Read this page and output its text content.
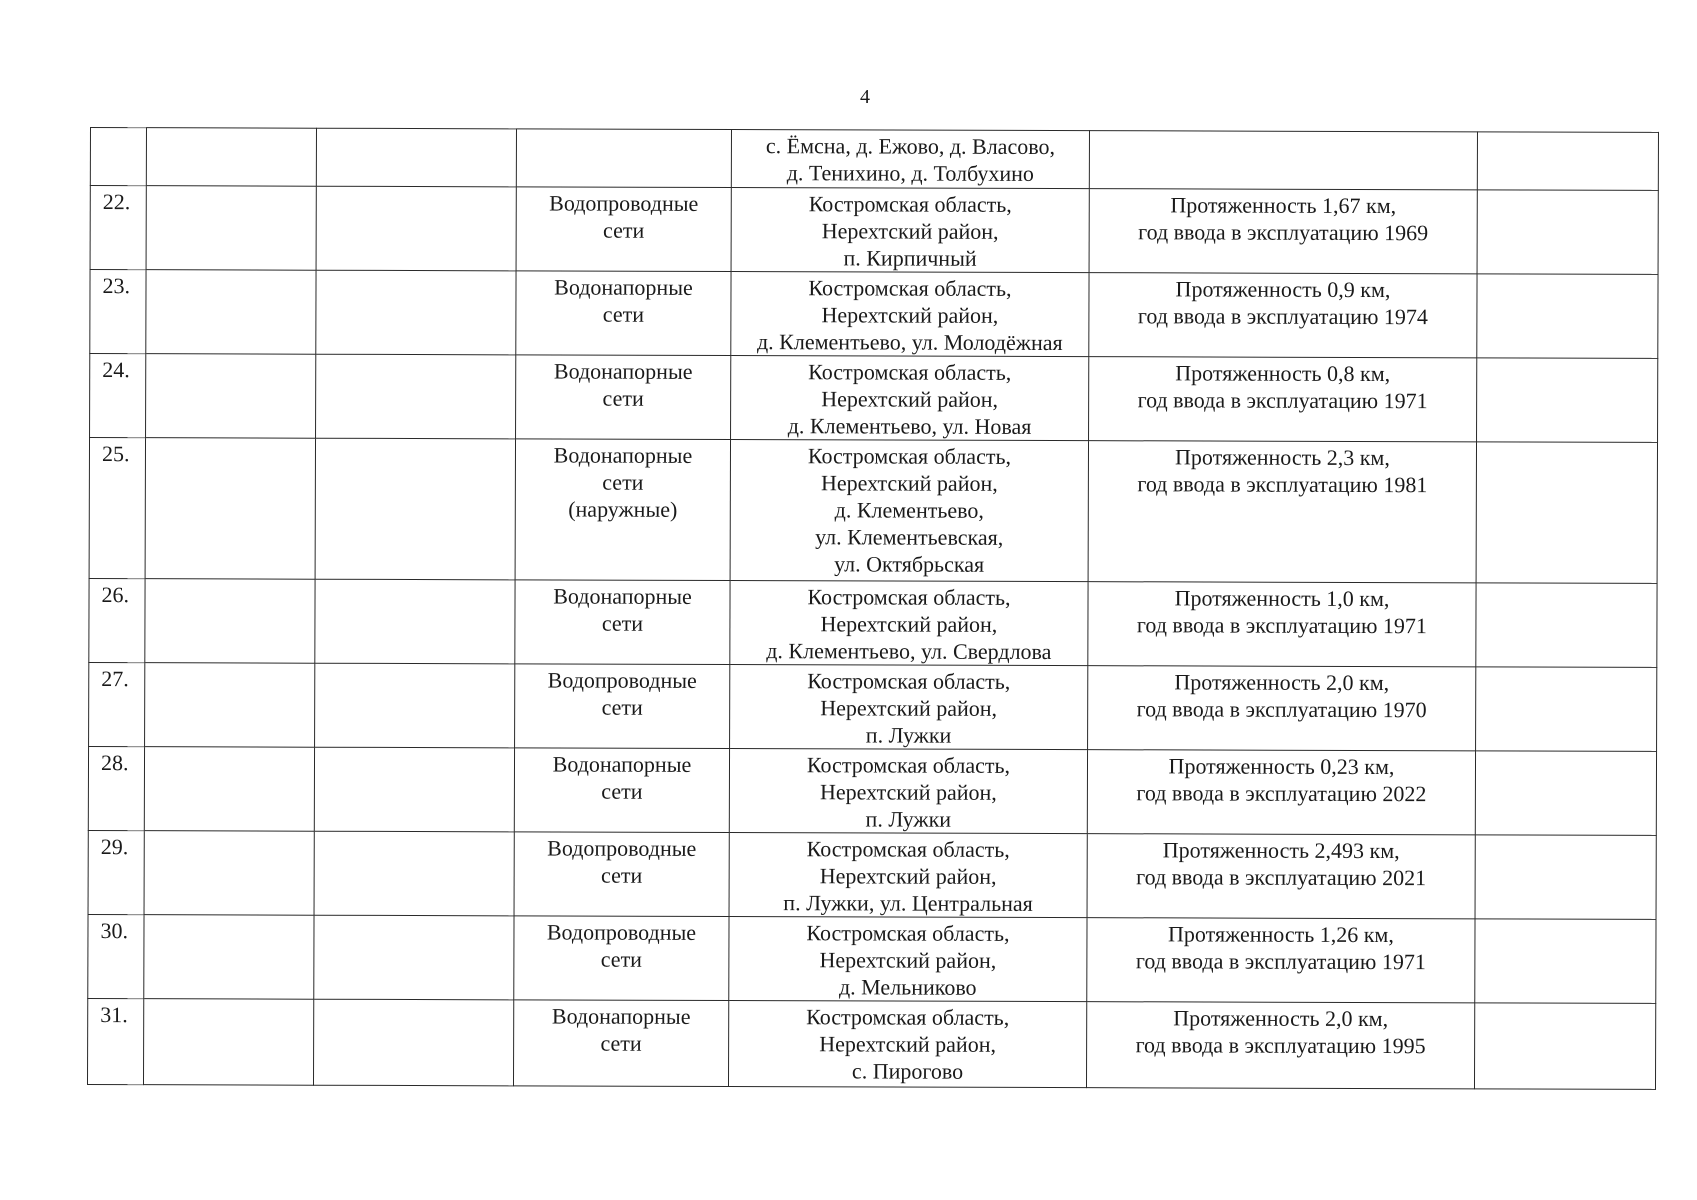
4
				с. Ёмсна, д. Ежово, д. Власово,
д. Тенихино, д. Толбухино		
22.			Водопроводные
сети	Костромская область,
Нерехтский район,
п. Кирпичный	Протяженность 1,67 км,
год ввода в эксплуатацию 1969	
23.			Водонапорные
сети	Костромская область,
Нерехтский район,
д. Клементьево, ул. Молодёжная	Протяженность 0,9 км,
год ввода в эксплуатацию 1974	
24.			Водонапорные
сети	Костромская область,
Нерехтский район,
д. Клементьево, ул. Новая	Протяженность 0,8 км,
год ввода в эксплуатацию 1971	
25.			Водонапорные
сети
(наружные)	Костромская область,
Нерехтский район,
д. Клементьево,
ул. Клементьевская,
ул. Октябрьская	Протяженность 2,3 км,
год ввода в эксплуатацию 1981	
26.			Водонапорные
сети	Костромская область,
Нерехтский район,
д. Клементьево, ул. Свердлова	Протяженность 1,0 км,
год ввода в эксплуатацию 1971	
27.			Водопроводные
сети	Костромская область,
Нерехтский район,
п. Лужки	Протяженность 2,0 км,
год ввода в эксплуатацию 1970	
28.			Водонапорные
сети	Костромская область,
Нерехтский район,
п. Лужки	Протяженность 0,23 км,
год ввода в эксплуатацию 2022	
29.			Водопроводные
сети	Костромская область,
Нерехтский район,
п. Лужки, ул. Центральная	Протяженность 2,493 км,
год ввода в эксплуатацию 2021	
30.			Водопроводные
сети	Костромская область,
Нерехтский район,
д. Мельниково	Протяженность 1,26 км,
год ввода в эксплуатацию 1971	
31.			Водонапорные
сети	Костромская область,
Нерехтский район,
с. Пирогово	Протяженность 2,0 км,
год ввода в эксплуатацию 1995	
